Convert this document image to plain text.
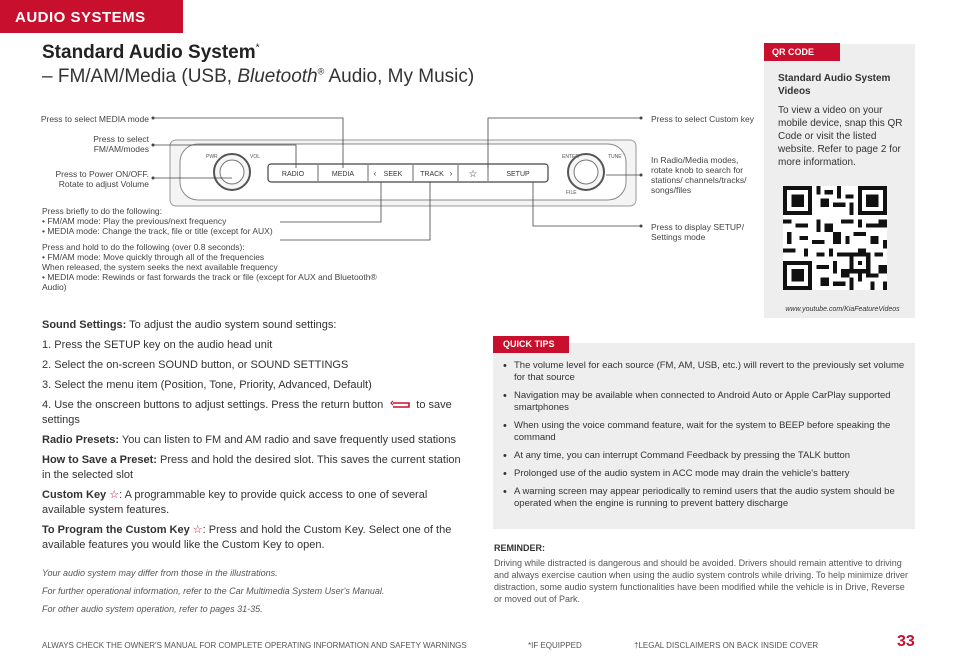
AUDIO SYSTEMS
Standard Audio System*
– FM/AM/Media (USB, Bluetooth® Audio, My Music)
Press to select MEDIA mode
Press to select FM/AM/modes
Press to Power ON/OFF. Rotate to adjust Volume
Press briefly to do the following:
• FM/AM mode: Play the previous/next frequency
• MEDIA mode: Change the track, file or title (except for AUX)
Press and hold to do the following (over 0.8 seconds):
• FM/AM mode: Move quickly through all of the frequencies
When released, the system seeks the next available frequency
• MEDIA mode: Rewinds or fast forwards the track or file (except for AUX and Bluetooth® Audio)
Press to select Custom key
In Radio/Media modes, rotate knob to search for stations/ channels/tracks/ songs/files
Press to display SETUP/ Settings mode
PWR	VOL	ENTER	TUNE
FILE
RADIO	MEDIA ‹ SEEK	TRACK › ☆	SETUP

Sound Settings: To adjust the audio system sound settings:

1. Press the SETUP key on the audio head unit

2. Select the on-screen SOUND button, or SOUND SETTINGS

3. Select the menu item (Position, Tone, Priority, Advanced, Default)

4. Use the onscreen buttons to adjust settings. Press the return button	to save settings

Radio Presets: You can listen to FM and AM radio and save frequently used stations

How to Save a Preset: Press and hold the desired slot. This saves the current station in the selected slot

Custom Key ☆: A programmable key to provide quick access to one of several available system features.

To Program the Custom Key ☆: Press and hold the Custom Key. Select one of the available features you would like the Custom Key to open.

Your audio system may differ from those in the illustrations.
For further operational information, refer to the Car Multimedia System User's Manual.
For other audio system operation, refer to pages 31-35.
QR CODE
Standard Audio System Videos
To view a video on your mobile device, snap this QR Code or visit the listed website. Refer to page 2 for more information.
www.youtube.com/KiaFeatureVideos
QUICK TIPS
• The volume level for each source (FM, AM, USB, etc.) will revert to the previously set volume for that source
• Navigation may be available when connected to Android Auto or Apple CarPlay supported smartphones
• When using the voice command feature, wait for the system to BEEP before speaking the command
• At any time, you can interrupt Command Feedback by pressing the TALK button
• Prolonged use of the audio system in ACC mode may drain the vehicle's battery
• A warning screen may appear periodically to remind users that the audio system should be operated when the engine is running to prevent battery discharge
REMINDER:
Driving while distracted is dangerous and should be avoided. Drivers should remain attentive to driving and always exercise caution when using the audio system controls while driving. To help minimize driver distraction, some audio system functionalities have been modified while the vehicle is in Drive, Reverse or moved out of Park.
ALWAYS CHECK THE OWNER'S MANUAL FOR COMPLETE OPERATING INFORMATION AND SAFETY WARNINGS	*IF EQUIPPED	†LEGAL DISCLAIMERS ON BACK INSIDE COVER	33
